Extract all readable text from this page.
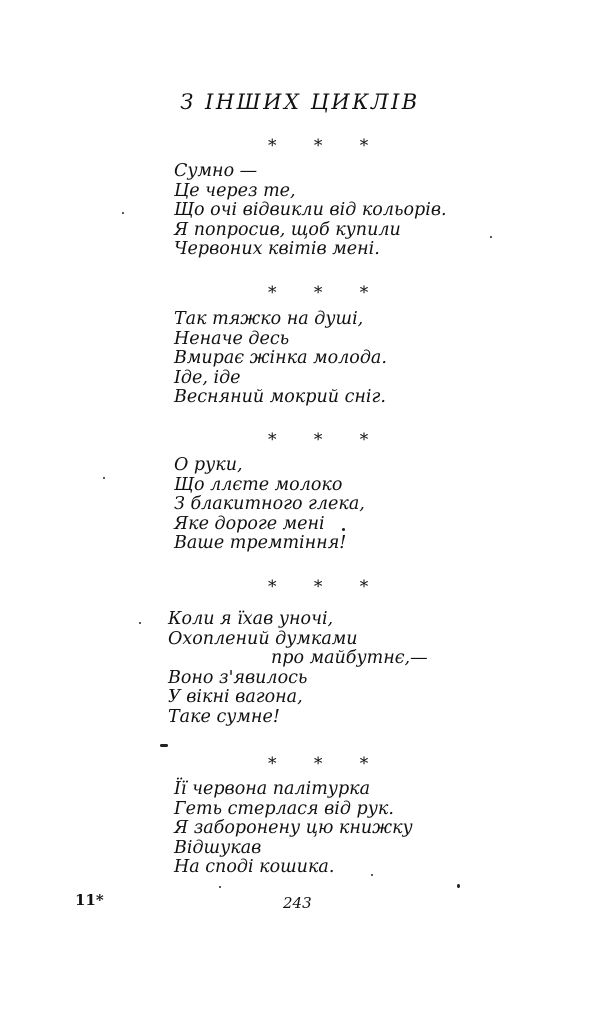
З ІНШИХ ЦИКЛІВ
* * *
Сумно —
Це через те,
Що очі відвикли від кольорів.
Я попросив, щоб купили
Червоних квітів мені.
* * *
Так тяжко на душі,
Неначе десь
Вмирає жінка молода.
Іде, іде
Весняний мокрий сніг.
* * *
О руки,
Що ллєте молоко
З блакитного глека,
Яке дороге мені
Ваше тремтіння!
* * *
Коли я їхав уночі,
Охоплений думками
про майбутнє,—
Воно з'явилось
У вікні вагона,
Таке сумне!
* * *
Її червона палітурка
Геть стерлася від рук.
Я заборонену цю книжку
Відшукав
На споді кошика.
11*	243
